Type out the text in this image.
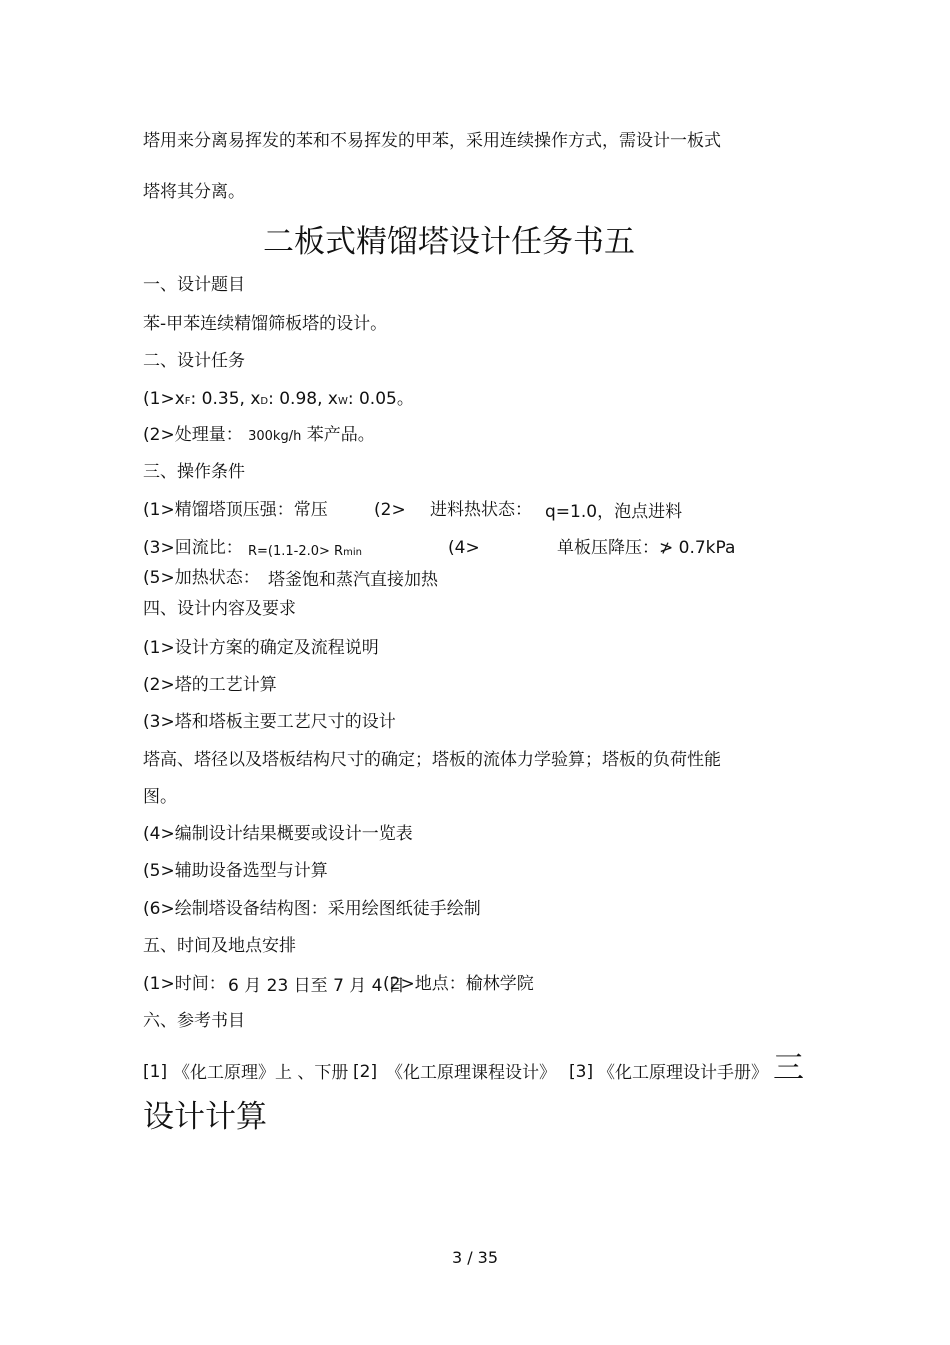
塔用来分离易挥发的苯和不易挥发的甲苯，采用连续操作方式，需设计一板式
塔将其分离。
二板式精馏塔设计任务书五
一、设计题目
苯-甲苯连续精馏筛板塔的设计。
二、设计任务
(1>xF: 0.35, xD: 0.98, xW: 0.05。
(2>处理量： 300kg/h 苯产品。
三、操作条件
(1>精馏塔顶压强：常压	(2> 进料热状态： q=1.0，泡点进料
(3>回流比： R=(1.1-2.0> Rmin	(4>	单板压降压：≯ 0.7kPa
(5>加热状态： 塔釜饱和蒸汽直接加热
四、设计内容及要求
(1>设计方案的确定及流程说明
(2>塔的工艺计算
(3>塔和塔板主要工艺尺寸的设计
塔高、塔径以及塔板结构尺寸的确定；塔板的流体力学验算；塔板的负荷性能
图。
(4>编制设计结果概要或设计一览表
(5>辅助设备选型与计算
(6>绘制塔设备结构图：采用绘图纸徒手绘制
五、时间及地点安排
(1>时间： 6 月 23 日至 7 月 4 日
(2>地点：榆林学院
六、参考书目
[1] 《化工原理》上 、下册 [2] 《化工原理课程设计》 [3] 《化工原理设计手册》 三
设计计算
3 / 35
